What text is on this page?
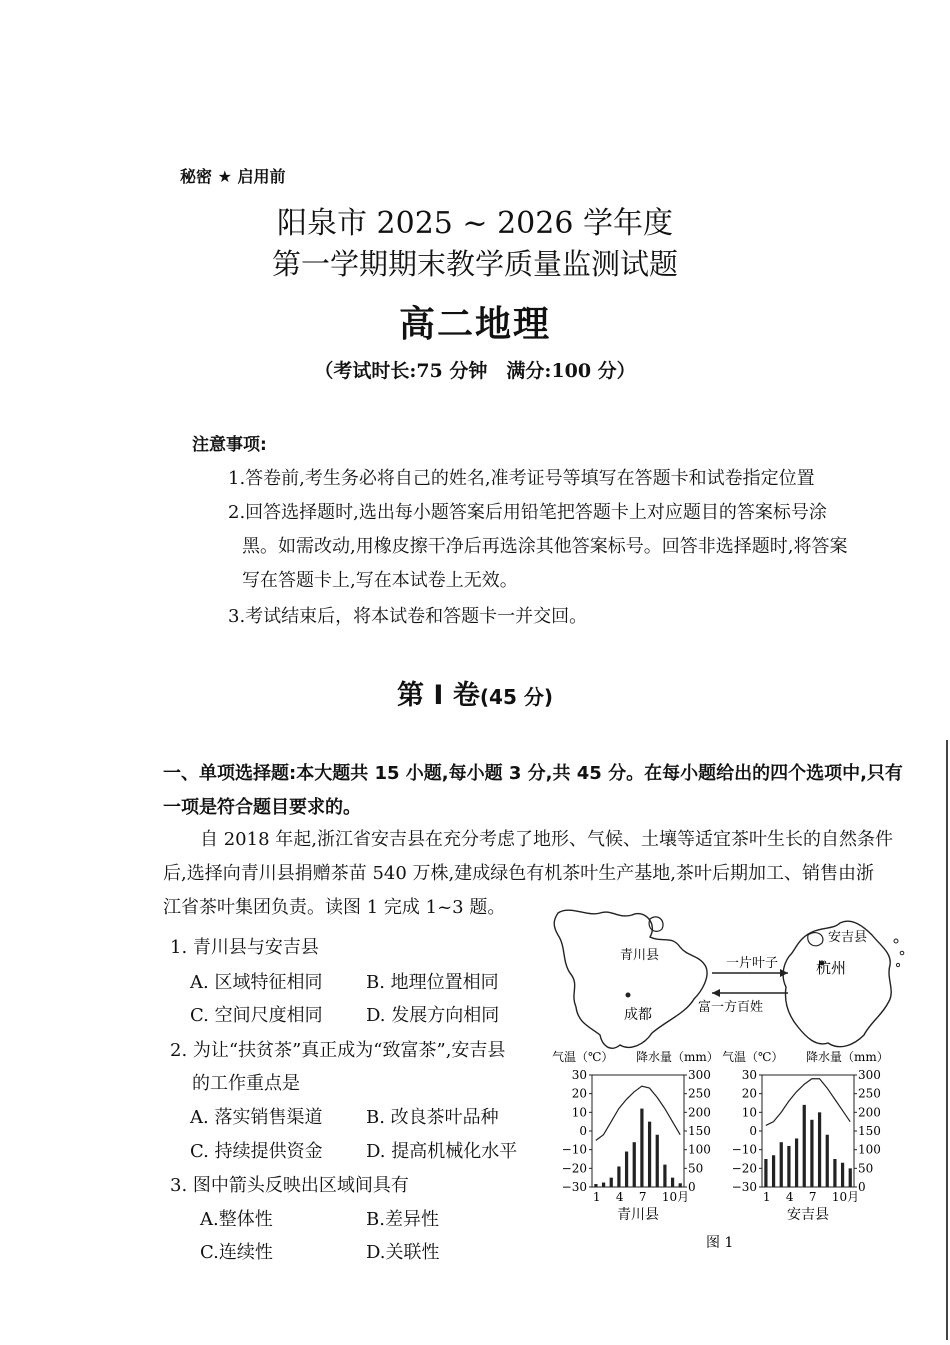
秘密 ★ 启用前
阳泉市 2025 ~ 2026 学年度
第一学期期末教学质量监测试题
高二地理
（考试时长:75 分钟　满分:100 分）
注意事项:
1.答卷前,考生务必将自己的姓名,准考证号等填写在答题卡和试卷指定位置
2.回答选择题时,选出每小题答案后用铅笔把答题卡上对应题目的答案标号涂
黑。如需改动,用橡皮擦干净后再选涂其他答案标号。回答非选择题时,将答案
写在答题卡上,写在本试卷上无效。
3.考试结束后，将本试卷和答题卡一并交回。
第 I 卷(45 分)
一、单项选择题:本大题共 15 小题,每小题 3 分,共 45 分。在每小题给出的四个选项中,只有一项是符合题目要求的。
自 2018 年起,浙江省安吉县在充分考虑了地形、气候、土壤等适宜茶叶生长的自然条件
后,选择向青川县捐赠茶苗 540 万株,建成绿色有机茶叶生产基地,茶叶后期加工、销售由浙
江省茶叶集团负责。读图 1 完成 1~3 题。
1. 青川县与安吉县
A. 区域特征相同 B. 地理位置相同
C. 空间尺度相同 D. 发展方向相同
2. 为让“扶贫茶”真正成为“致富茶”,安吉县
的工作重点是
A. 落实销售渠道 B. 改良茶叶品种
C. 持续提供资金 D. 提高机械化水平
3. 图中箭头反映出区域间具有
A.整体性	B.差异性
C.连续性	D.关联性
青川县
成都
安吉县
杭州
一片叶子
富一方百姓
气温（℃） 降水量（mm）
30
20
10
0
−10
−20
−30
300
250
200
150
100
50
0
1 4 7 10月
青川县
气温（℃） 降水量（mm）
30
20
10
0
−10
−20
−30
300
250
200
150
100
50
0
1 4 7 10月
安吉县
图 1
